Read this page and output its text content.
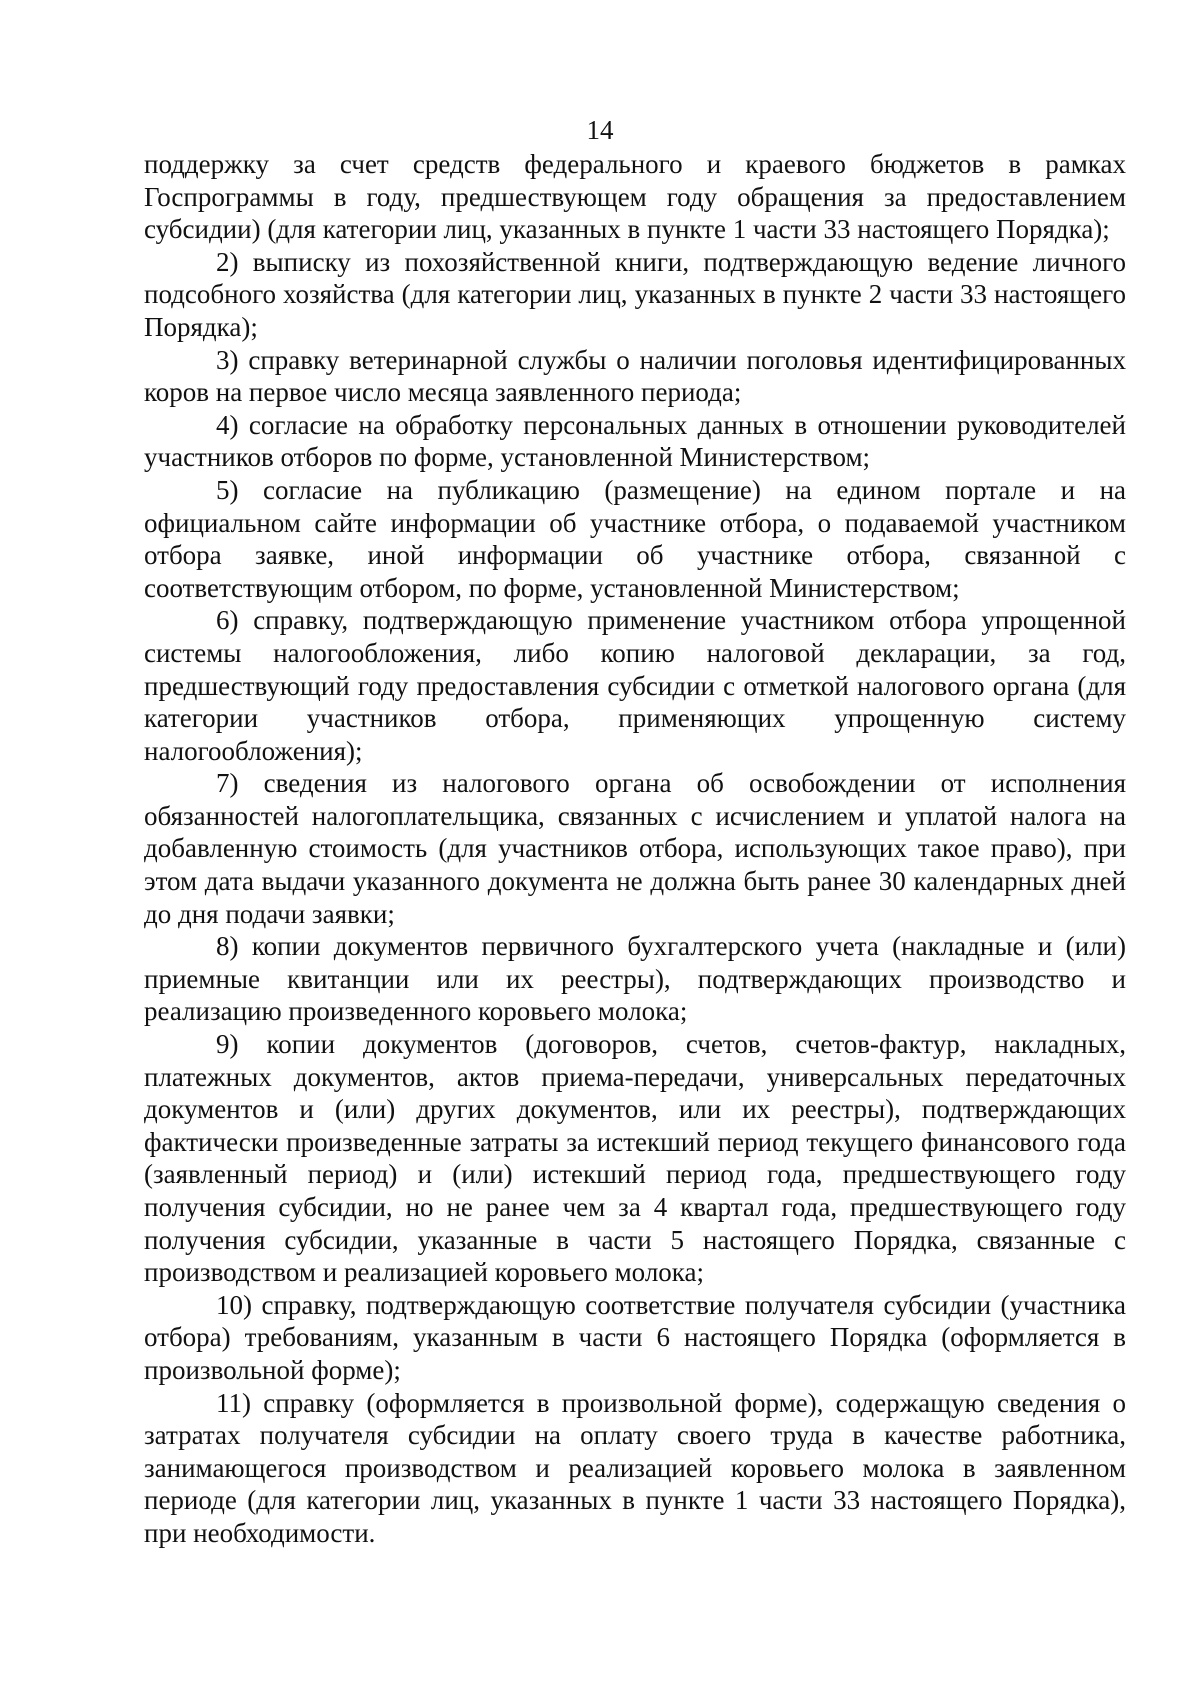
14

поддержку за счет средств федерального и краевого бюджетов в рамках Госпрограммы в году, предшествующем году обращения за предоставлением субсидии) (для категории лиц, указанных в пункте 1 части 33 настоящего Порядка);

2) выписку из похозяйственной книги, подтверждающую ведение личного подсобного хозяйства (для категории лиц, указанных в пункте 2 части 33 настоящего Порядка);

3) справку ветеринарной службы о наличии поголовья идентифицированных коров на первое число месяца заявленного периода;

4) согласие на обработку персональных данных в отношении руководителей участников отборов по форме, установленной Министерством;

5) согласие на публикацию (размещение) на едином портале и на официальном сайте информации об участнике отбора, о подаваемой участником отбора заявке, иной информации об участнике отбора, связанной с соответствующим отбором, по форме, установленной Министерством;

6) справку, подтверждающую применение участником отбора упрощенной системы налогообложения, либо копию налоговой декларации, за год, предшествующий году предоставления субсидии с отметкой налогового органа (для категории участников отбора, применяющих упрощенную систему налогообложения);

7) сведения из налогового органа об освобождении от исполнения обязанностей налогоплательщика, связанных с исчислением и уплатой налога на добавленную стоимость (для участников отбора, использующих такое право), при этом дата выдачи указанного документа не должна быть ранее 30 календарных дней до дня подачи заявки;

8) копии документов первичного бухгалтерского учета (накладные и (или) приемные квитанции или их реестры), подтверждающих производство и реализацию произведенного коровьего молока;

9) копии документов (договоров, счетов, счетов-фактур, накладных, платежных документов, актов приема-передачи, универсальных передаточных документов и (или) других документов, или их реестры), подтверждающих фактически произведенные затраты за истекший период текущего финансового года (заявленный период) и (или) истекший период года, предшествующего году получения субсидии, но не ранее чем за 4 квартал года, предшествующего году получения субсидии, указанные в части 5 настоящего Порядка, связанные с производством и реализацией коровьего молока;

10) справку, подтверждающую соответствие получателя субсидии (участника отбора) требованиям, указанным в части 6 настоящего Порядка (оформляется в произвольной форме);

11) справку (оформляется в произвольной форме), содержащую сведения о затратах получателя субсидии на оплату своего труда в качестве работника, занимающегося производством и реализацией коровьего молока в заявленном периоде (для категории лиц, указанных в пункте 1 части 33 настоящего Порядка), при необходимости.
